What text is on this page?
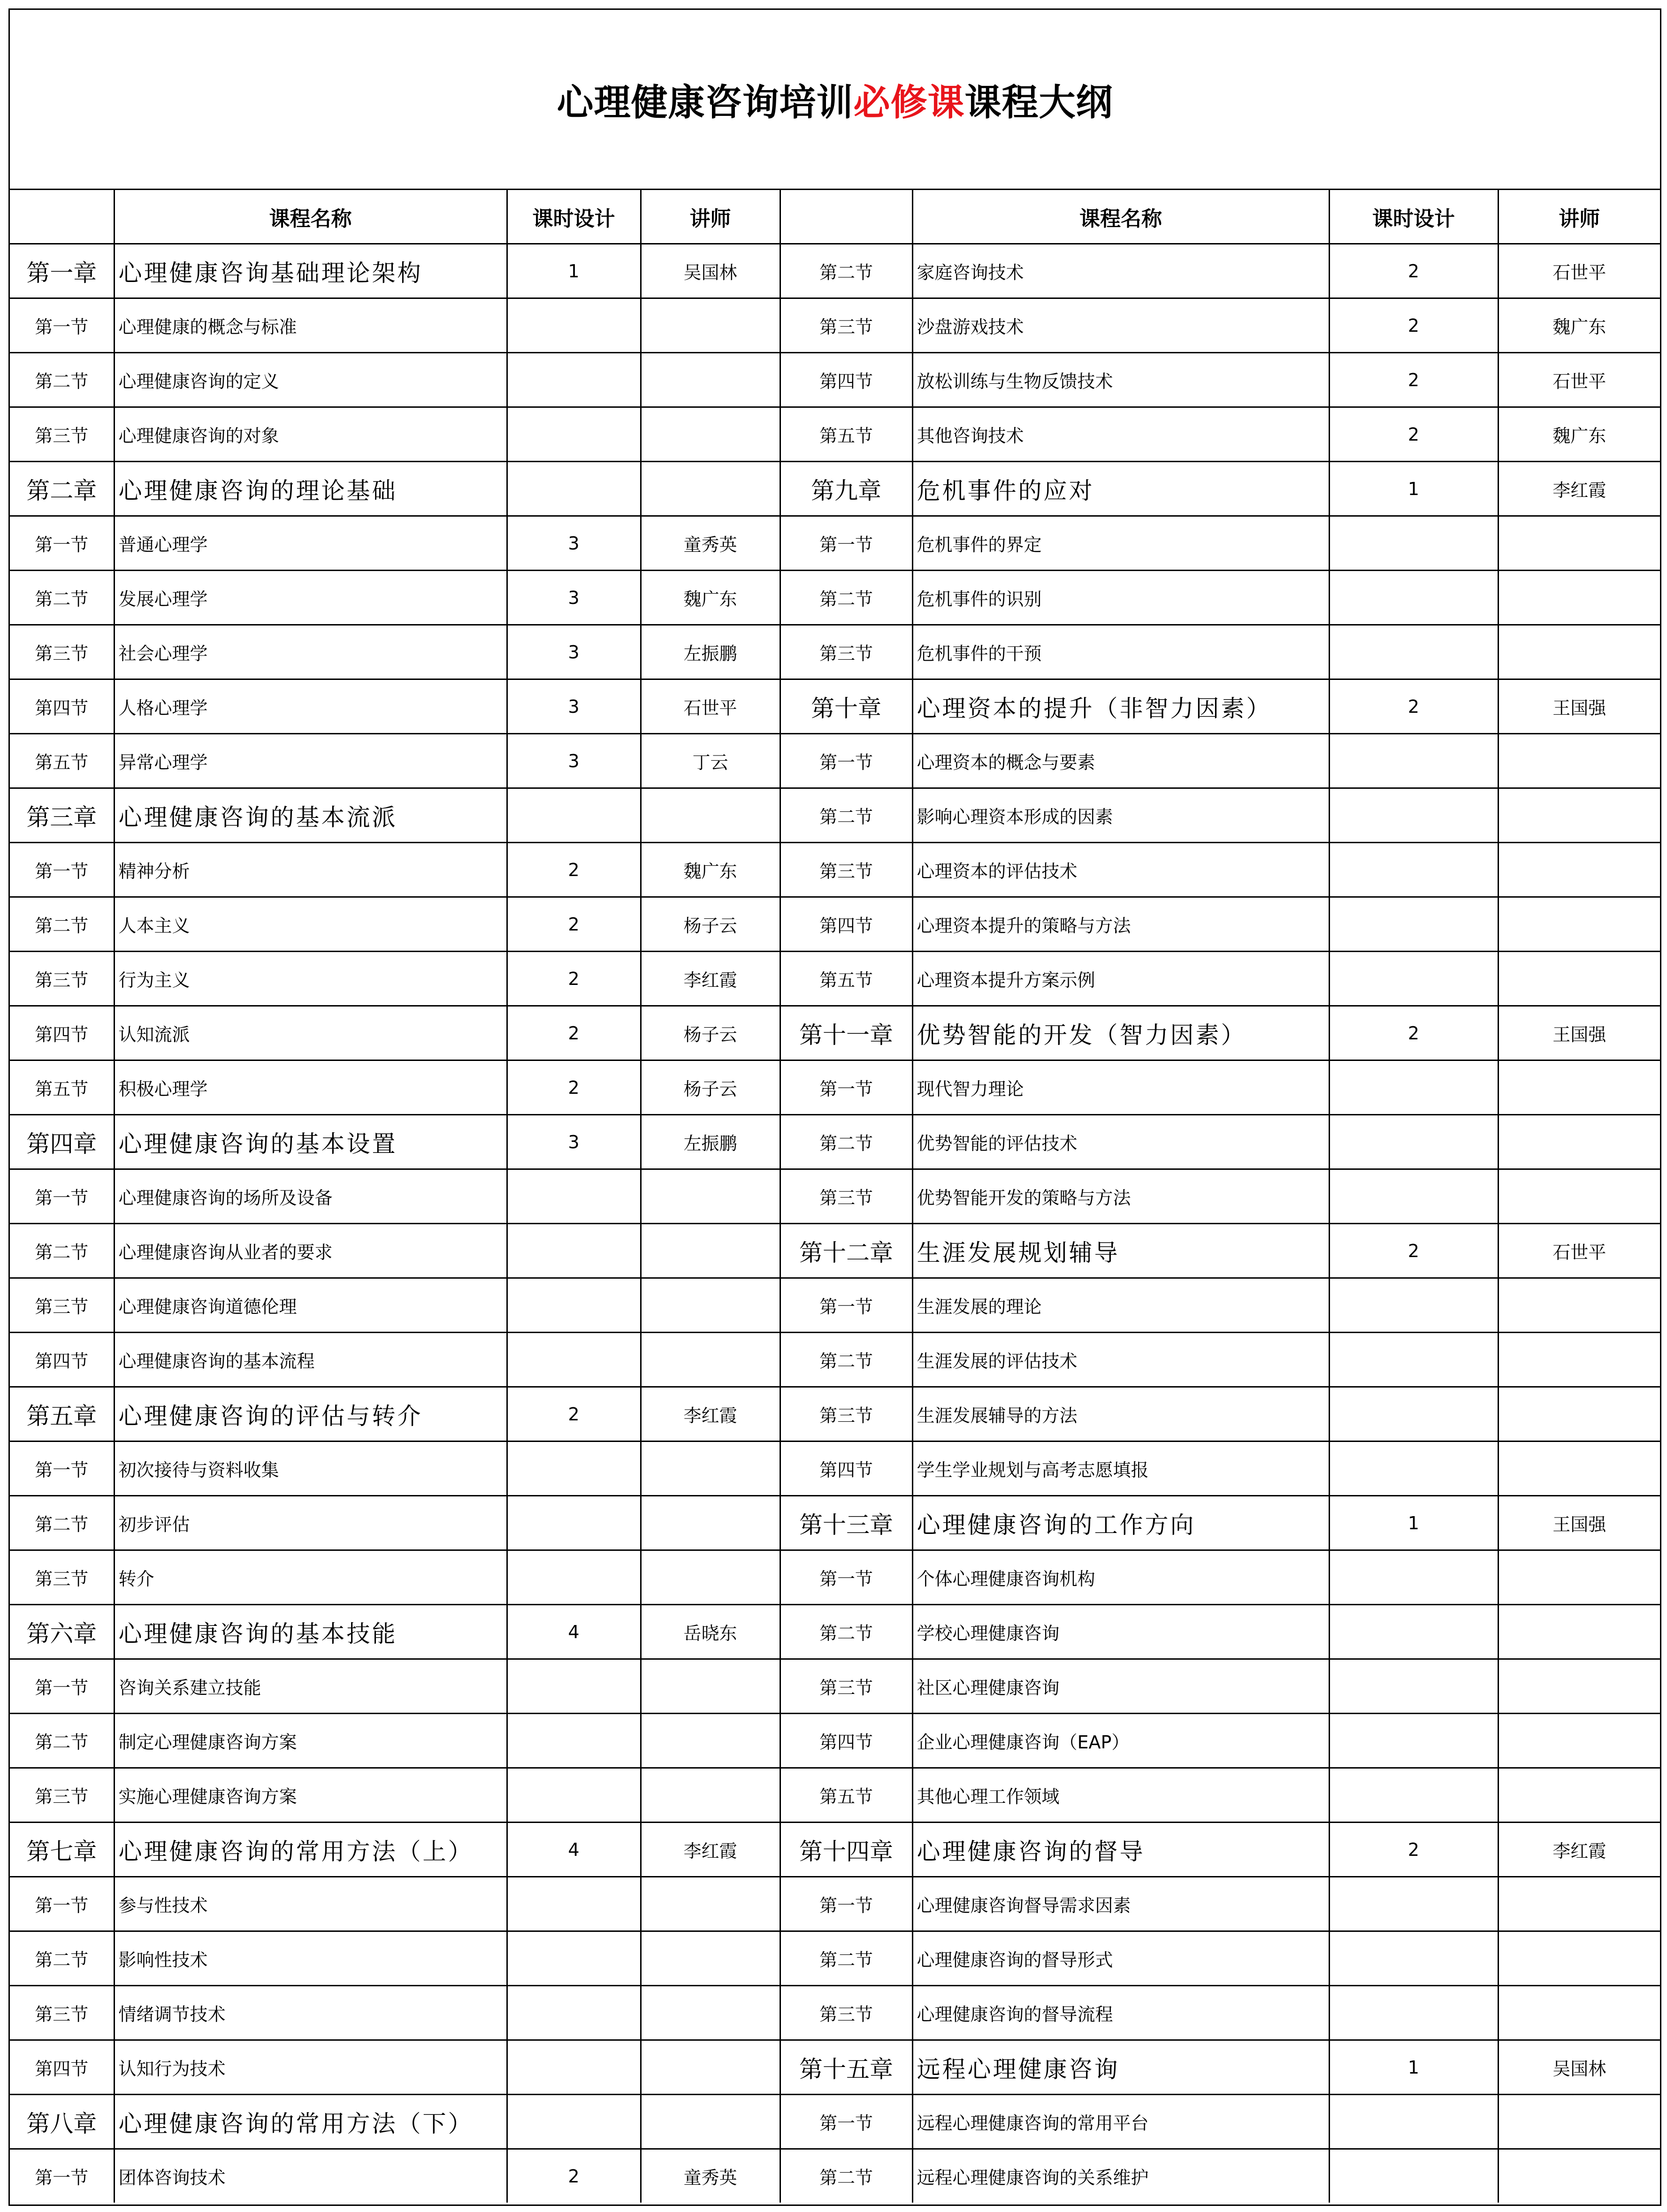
心理健康咨询培训必修课课程大纲
	课程名称	课时设计	讲师		课程名称	课时设计	讲师
第一章	心理健康咨询基础理论架构	1	吴国林	第二节	家庭咨询技术	2	石世平
第一节	心理健康的概念与标准			第三节	沙盘游戏技术	2	魏广东
第二节	心理健康咨询的定义			第四节	放松训练与生物反馈技术	2	石世平
第三节	心理健康咨询的对象			第五节	其他咨询技术	2	魏广东
第二章	心理健康咨询的理论基础			第九章	危机事件的应对	1	李红霞
第一节	普通心理学	3	童秀英	第一节	危机事件的界定		
第二节	发展心理学	3	魏广东	第二节	危机事件的识别		
第三节	社会心理学	3	左振鹏	第三节	危机事件的干预		
第四节	人格心理学	3	石世平	第十章	心理资本的提升（非智力因素）	2	王国强
第五节	异常心理学	3	丁云	第一节	心理资本的概念与要素		
第三章	心理健康咨询的基本流派			第二节	影响心理资本形成的因素		
第一节	精神分析	2	魏广东	第三节	心理资本的评估技术		
第二节	人本主义	2	杨子云	第四节	心理资本提升的策略与方法		
第三节	行为主义	2	李红霞	第五节	心理资本提升方案示例		
第四节	认知流派	2	杨子云	第十一章	优势智能的开发（智力因素）	2	王国强
第五节	积极心理学	2	杨子云	第一节	现代智力理论		
第四章	心理健康咨询的基本设置	3	左振鹏	第二节	优势智能的评估技术		
第一节	心理健康咨询的场所及设备			第三节	优势智能开发的策略与方法		
第二节	心理健康咨询从业者的要求			第十二章	生涯发展规划辅导	2	石世平
第三节	心理健康咨询道德伦理			第一节	生涯发展的理论		
第四节	心理健康咨询的基本流程			第二节	生涯发展的评估技术		
第五章	心理健康咨询的评估与转介	2	李红霞	第三节	生涯发展辅导的方法		
第一节	初次接待与资料收集			第四节	学生学业规划与高考志愿填报		
第二节	初步评估			第十三章	心理健康咨询的工作方向	1	王国强
第三节	转介			第一节	个体心理健康咨询机构		
第六章	心理健康咨询的基本技能	4	岳晓东	第二节	学校心理健康咨询		
第一节	咨询关系建立技能			第三节	社区心理健康咨询		
第二节	制定心理健康咨询方案			第四节	企业心理健康咨询（EAP）		
第三节	实施心理健康咨询方案			第五节	其他心理工作领域		
第七章	心理健康咨询的常用方法（上）	4	李红霞	第十四章	心理健康咨询的督导	2	李红霞
第一节	参与性技术			第一节	心理健康咨询督导需求因素		
第二节	影响性技术			第二节	心理健康咨询的督导形式		
第三节	情绪调节技术			第三节	心理健康咨询的督导流程		
第四节	认知行为技术			第十五章	远程心理健康咨询	1	吴国林
第八章	心理健康咨询的常用方法（下）			第一节	远程心理健康咨询的常用平台		
第一节	团体咨询技术	2	童秀英	第二节	远程心理健康咨询的关系维护		
